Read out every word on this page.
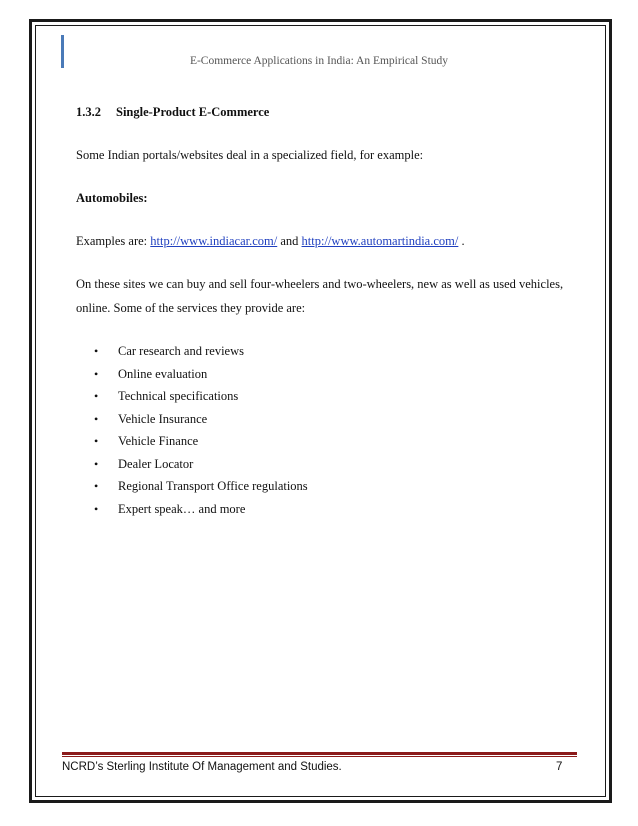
E-Commerce Applications in India: An Empirical Study
1.3.2 Single-Product E-Commerce
Some Indian portals/websites deal in a specialized field, for example:
Automobiles:
Examples are: http://www.indiacar.com/ and http://www.automartindia.com/ .
On these sites we can buy and sell four-wheelers and two-wheelers, new as well as used vehicles, online. Some of the services they provide are:
• Car research and reviews
• Online evaluation
• Technical specifications
• Vehicle Insurance
• Vehicle Finance
• Dealer Locator
• Regional Transport Office regulations
• Expert speak… and more
NCRD’s Sterling Institute Of Management and Studies.	7
